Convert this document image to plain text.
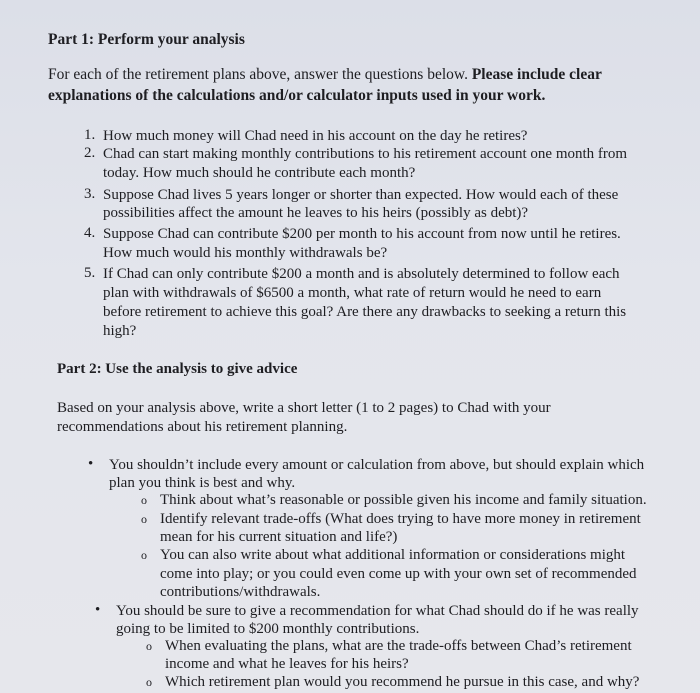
Part 1: Perform your analysis
For each of the retirement plans above, answer the questions below. Please include clear
explanations of the calculations and/or calculator inputs used in your work.
1. How much money will Chad need in his account on the day he retires?
2. Chad can start making monthly contributions to his retirement account one month from
today. How much should he contribute each month?
3. Suppose Chad lives 5 years longer or shorter than expected. How would each of these
possibilities affect the amount he leaves to his heirs (possibly as debt)?
4. Suppose Chad can contribute $200 per month to his account from now until he retires.
How much would his monthly withdrawals be?
5. If Chad can only contribute $200 a month and is absolutely determined to follow each
plan with withdrawals of $6500 a month, what rate of return would he need to earn
before retirement to achieve this goal? Are there any drawbacks to seeking a return this
high?
Part 2: Use the analysis to give advice
Based on your analysis above, write a short letter (1 to 2 pages) to Chad with your
recommendations about his retirement planning.
• You shouldn’t include every amount or calculation from above, but should explain which
plan you think is best and why.
o Think about what’s reasonable or possible given his income and family situation.
o Identify relevant trade-offs (What does trying to have more money in retirement
mean for his current situation and life?)
o You can also write about what additional information or considerations might
come into play; or you could even come up with your own set of recommended
contributions/withdrawals.
• You should be sure to give a recommendation for what Chad should do if he was really
going to be limited to $200 monthly contributions.
o When evaluating the plans, what are the trade-offs between Chad’s retirement
income and what he leaves for his heirs?
o Which retirement plan would you recommend he pursue in this case, and why?
